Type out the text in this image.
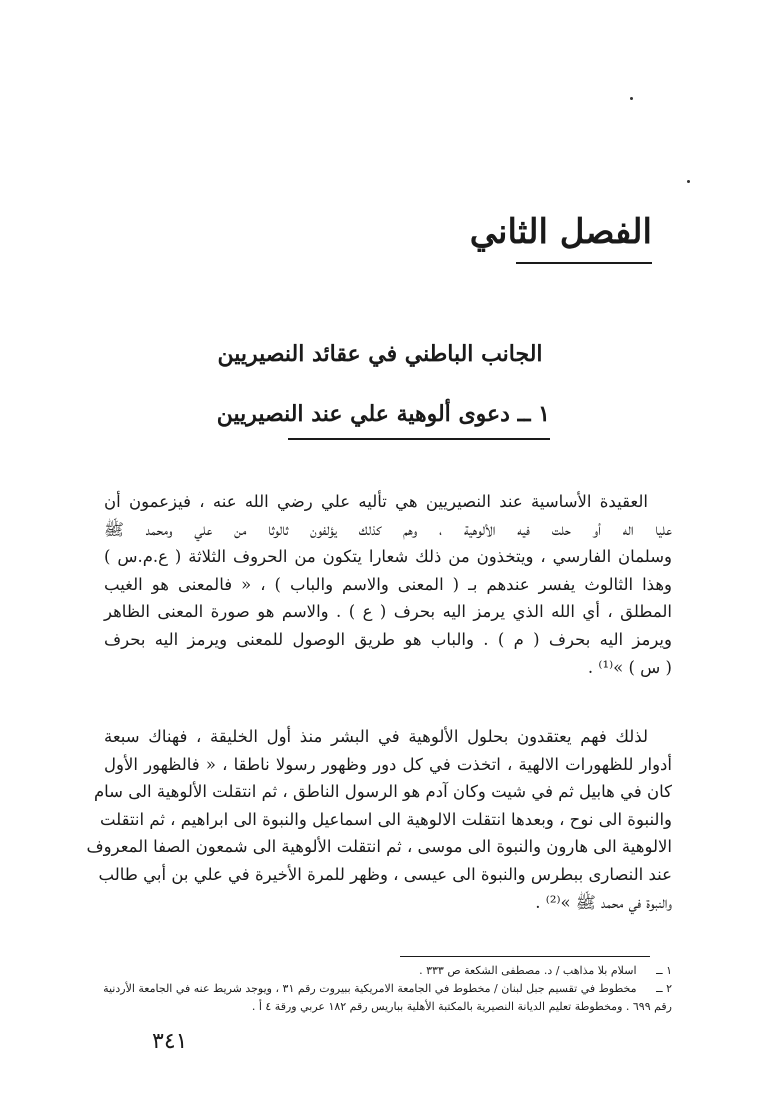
الفصل الثاني
الجانب الباطني في عقائد النصيريين
١ ــ دعوى ألوهية علي عند النصيريين
العقيدة الأساسية عند النصيريين هي تأليه علي رضي الله عنه ، فيزعمون أن
عليا اله أو حلت فيه الألوهية ، وهم كذلك يؤلفون ثالوثا من علي ومحمد ﷺ
وسلمان الفارسي ، ويتخذون من ذلك شعارا يتكون من الحروف الثلاثة ( ع.م.س )
وهذا الثالوث يفسر عندهم بـ ( المعنى والاسم والباب ) ، « فالمعنى هو الغيب
المطلق ، أي الله الذي يرمز اليه بحرف ( ع ) . والاسم هو صورة المعنى الظاهر
ويرمز اليه بحرف ( م ) . والباب هو طريق الوصول للمعنى ويرمز اليه بحرف
( س ) »⁽¹⁾ .
لذلك فهم يعتقدون بحلول الألوهية في البشر منذ أول الخليقة ، فهناك سبعة
أدوار للظهورات الالهية ، اتخذت في كل دور وظهور رسولا ناطقا ، « فالظهور الأول
كان في هابيل ثم في شيت وكان آدم هو الرسول الناطق ، ثم انتقلت الألوهية الى سام
والنبوة الى نوح ، وبعدها انتقلت الالوهية الى اسماعيل والنبوة الى ابراهيم ، ثم انتقلت
الالوهية الى هارون والنبوة الى موسى ، ثم انتقلت الألوهية الى شمعون الصفا المعروف
عند النصارى ببطرس والنبوة الى عيسى ، وظهر للمرة الأخيرة في علي بن أبي طالب
والنبوة في محمد ﷺ »⁽²⁾ .
١ ــ اسلام بلا مذاهب / د. مصطفى الشكعة ص ٣٣٣ .
٢ ــ مخطوط في تقسيم جبل لبنان / مخطوط في الجامعة الامريكية ببيروت رقم ٣١ ، ويوجد شريط عنه في الجامعة الأردنية
رقم ٦٩٩ . ومخطوطة تعليم الديانة النصيرية بالمكتبة الأهلية بباريس رقم ١٨٢ عربي ورقة ٤ أ .
٣٤١
